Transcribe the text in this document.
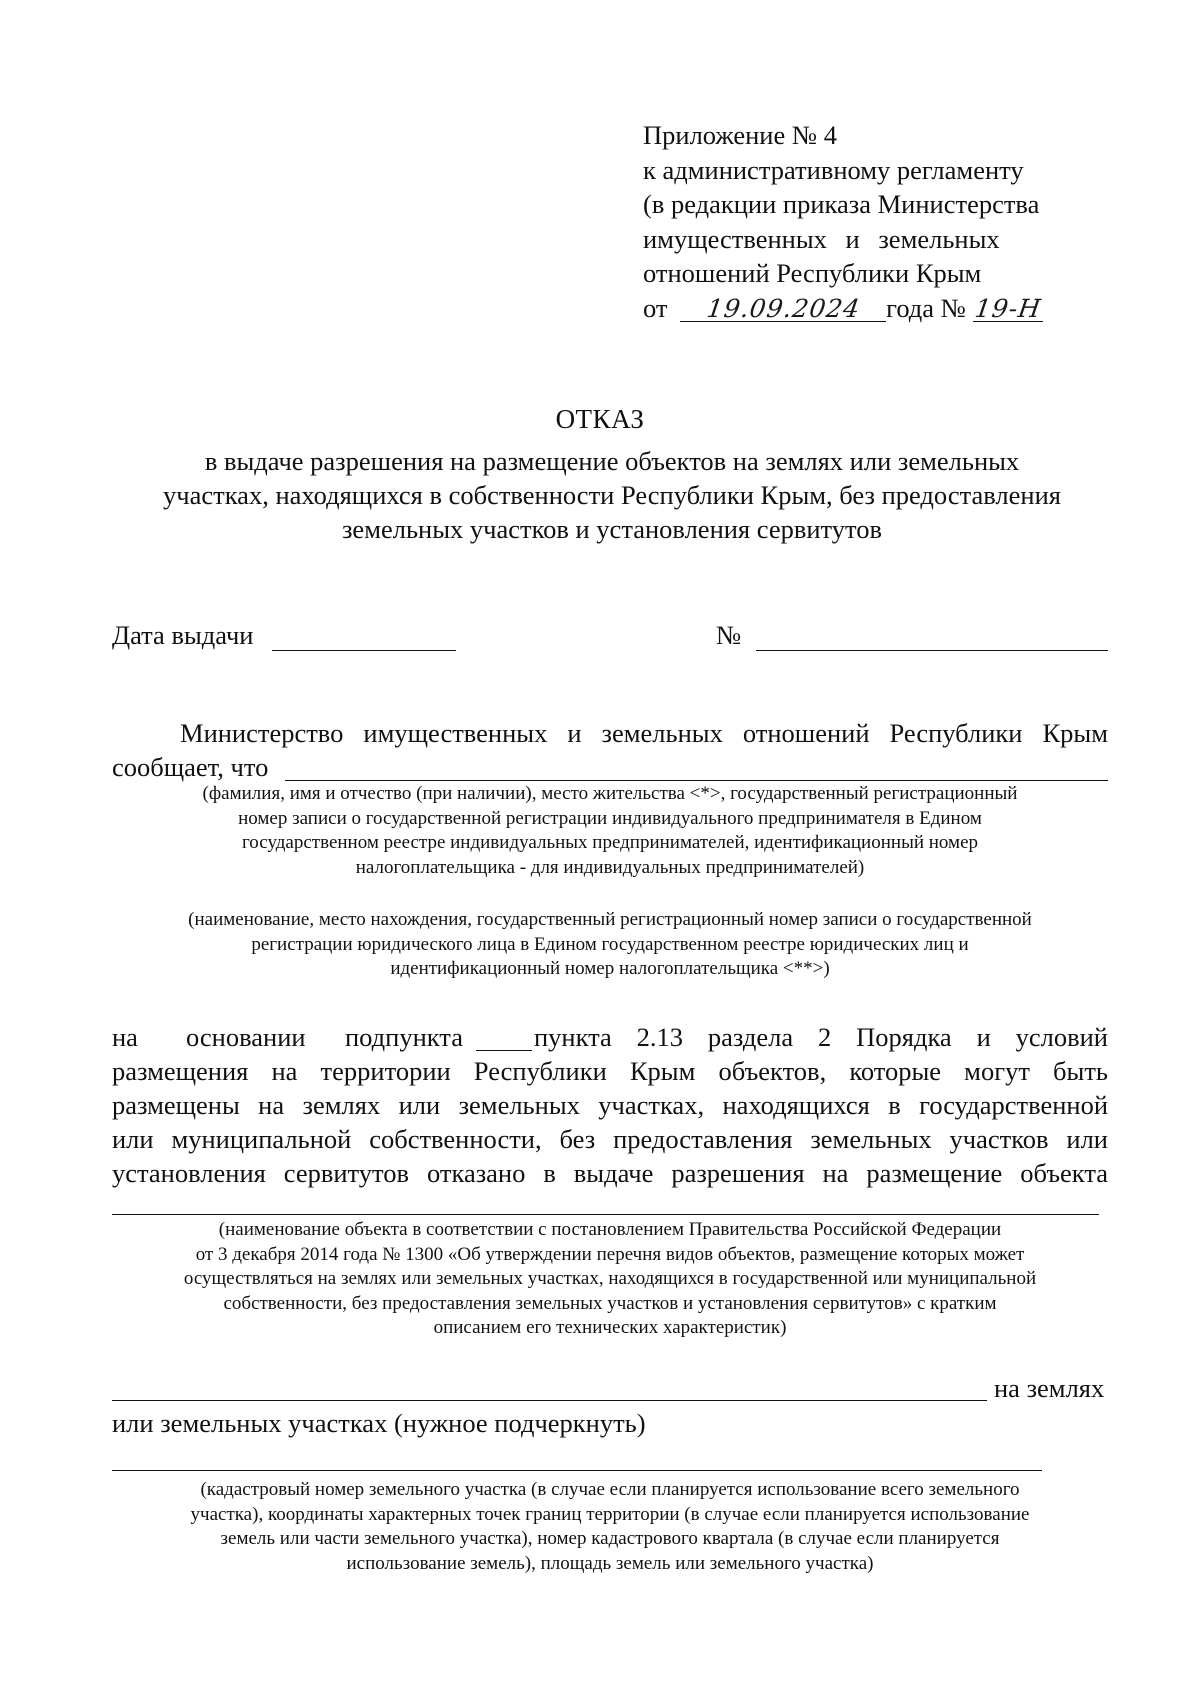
Приложение № 4
к административному регламенту
(в редакции приказа Министерства
имущественных и земельных
отношений Республики Крым
от 19.09.2024 года № 19-Н
ОТКАЗ
в выдаче разрешения на размещение объектов на землях или земельных
участках, находящихся в собственности Республики Крым, без предоставления
земельных участков и установления сервитутов
Дата выдачи	№
Министерство имущественных и земельных отношений Республики Крым
сообщает, что
(фамилия, имя и отчество (при наличии), место жительства <*>, государственный регистрационный
номер записи о государственной регистрации индивидуального предпринимателя в Едином
государственном реестре индивидуальных предпринимателей, идентификационный номер
налогоплательщика - для индивидуальных предпринимателей)
(наименование, место нахождения, государственный регистрационный номер записи о государственной
регистрации юридического лица в Едином государственном реестре юридических лиц и
идентификационный номер налогоплательщика <**>)
на основании подпункта	пункта 2.13 раздела 2 Порядка и условий
размещения на территории Республики Крым объектов, которые могут быть
размещены на землях или земельных участках, находящихся в государственной
или муниципальной собственности, без предоставления земельных участков или
установления сервитутов отказано в выдаче разрешения на размещение объекта
(наименование объекта в соответствии с постановлением Правительства Российской Федерации
от 3 декабря 2014 года № 1300 «Об утверждении перечня видов объектов, размещение которых может
осуществляться на землях или земельных участках, находящихся в государственной или муниципальной
собственности, без предоставления земельных участков и установления сервитутов» с кратким
описанием его технических характеристик)
на землях
или земельных участках (нужное подчеркнуть)
(кадастровый номер земельного участка (в случае если планируется использование всего земельного
участка), координаты характерных точек границ территории (в случае если планируется использование
земель или части земельного участка), номер кадастрового квартала (в случае если планируется
использование земель), площадь земель или земельного участка)
